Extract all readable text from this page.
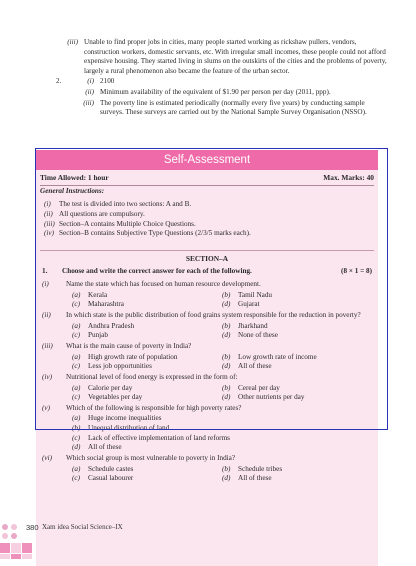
(iii) Unable to find proper jobs in cities, many people started working as rickshaw pullers, vendors, construction workers, domestic servants, etc. With irregular small incomes, these people could not afford expensive housing. They started living in slums on the outskirts of the cities and the problems of poverty, largely a rural phenomenon also became the feature of the urban sector.
2.	(i) 2100
(ii) Minimum availability of the equivalent of $1.90 per person per day (2011, ppp).
(iii) The poverty line is estimated periodically (normally every five years) by conducting sample surveys. These surveys are carried out by the National Sample Survey Organisation (NSSO).
Self-Assessment
Time Allowed: 1 hour	Max. Marks: 40
General Instructions:
(i)	The test is divided into two sections: A and B.
(ii) All questions are compulsory.
(iii) Section–A contains Multiple Choice Questions.
(iv) Section–B contains Subjective Type Questions (2/3/5 marks each).
SECTION–A
1.	Choose and write the correct answer for each of the following.	(8 × 1 = 8)
(i)	Name the state which has focused on human resource development.
(a)	Kerala	(b)	Tamil Nadu
(c)	Maharashtra	(d)	Gujarat
(ii)	In which state is the public distribution of food grains system responsible for the reduction in poverty?
(a)	Andhra Pradesh	(b)	Jharkhand
(c)	Punjab	(d)	None of these
(iii)	What is the main cause of poverty in India?
(a)	High growth rate of population	(b)	Low growth rate of income
(c)	Less job opportunities	(d)	All of these
(iv)	Nutritional level of food energy is expressed in the form of:
(a)	Calorie per day	(b)	Cereal per day
(c)	Vegetables per day	(d)	Other nutrients per day
(v)	Which of the following is responsible for high poverty rates?
(a)	Huge income inequalities
(b)	Unequal distribution of land
(c)	Lack of effective implementation of land reforms
(d)	All of these
(vi)	Which social group is most vulnerable to poverty in India?
(a)	Schedule castes	(b)	Schedule tribes
(c)	Casual labourer	(d)	All of these
380 Xam idea Social Science–IX
